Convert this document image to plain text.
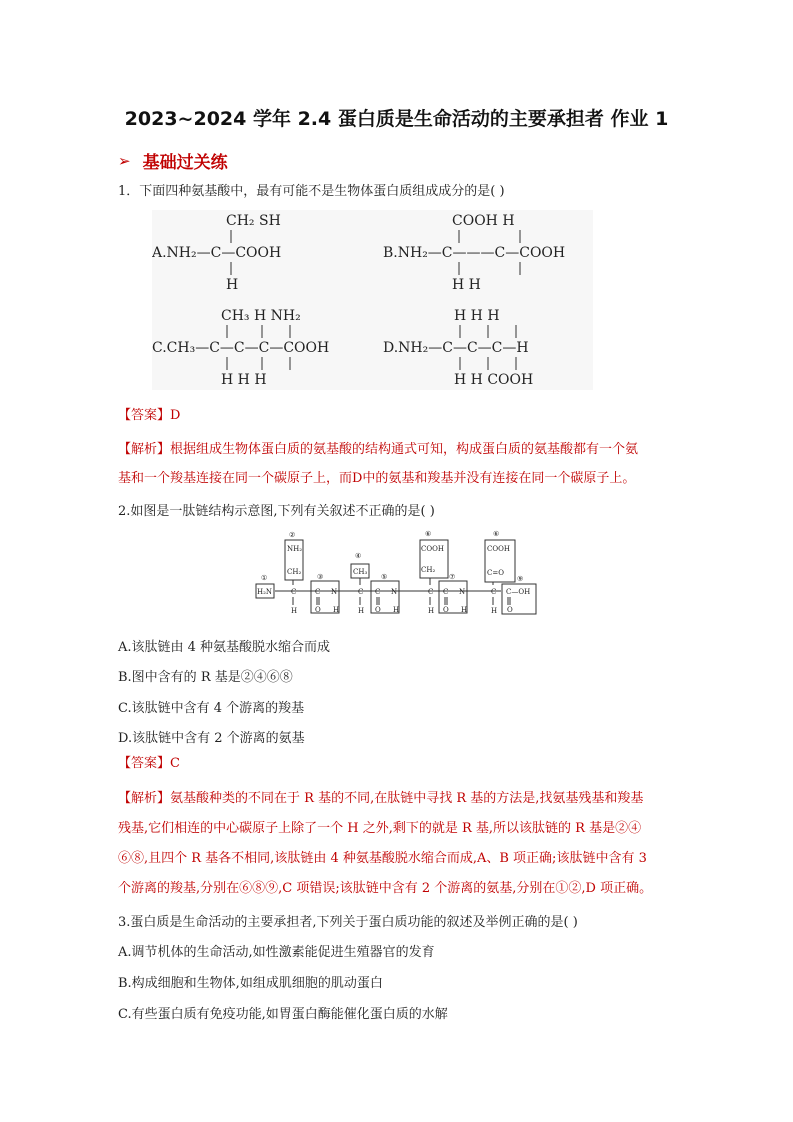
2023~2024 学年 2.4 蛋白质是生命活动的主要承担者 作业 1
➢ 基础过关练
1．下面四种氨基酸中，最有可能不是生物体蛋白质组成成分的是( )
CH₂ SH
A.NH₂—C—COOH
H
COOH H
B.NH₂—C———C—COOH
H H
CH₃ H NH₂
C.CH₃—C—C—C—COOH
H H H
H H H
D.NH₂—C—C—C—H
H H COOH
【答案】D
【解析】根据组成生物体蛋白质的氨基酸的结构通式可知，构成蛋白质的氨基酸都有一个氨
基和一个羧基连接在同一个碳原子上，而D中的氨基和羧基并没有连接在同一个碳原子上。
2.如图是一肽链结构示意图,下列有关叙述不正确的是( )
①
②
③
④
⑤
⑥
⑦
⑥
⑨
H₂N
NH₂
CH₂	CH₃
COOH
CH₂
COOH
C=O
C—OH
H	H	H	H
C N	C N	C N
C	C	C	C
O H	O H	O H	O
A.该肽链由 4 种氨基酸脱水缩合而成
B.图中含有的 R 基是②④⑥⑧
C.该肽链中含有 4 个游离的羧基
D.该肽链中含有 2 个游离的氨基
【答案】C
【解析】氨基酸种类的不同在于 R 基的不同,在肽链中寻找 R 基的方法是,找氨基残基和羧基
残基,它们相连的中心碳原子上除了一个 H 之外,剩下的就是 R 基,所以该肽链的 R 基是②④
⑥⑧,且四个 R 基各不相同,该肽链由 4 种氨基酸脱水缩合而成,A、B 项正确;该肽链中含有 3
个游离的羧基,分别在⑥⑧⑨,C 项错误;该肽链中含有 2 个游离的氨基,分别在①②,D 项正确。
3.蛋白质是生命活动的主要承担者,下列关于蛋白质功能的叙述及举例正确的是( )
A.调节机体的生命活动,如性激素能促进生殖器官的发育
B.构成细胞和生物体,如组成肌细胞的肌动蛋白
C.有些蛋白质有免疫功能,如胃蛋白酶能催化蛋白质的水解
